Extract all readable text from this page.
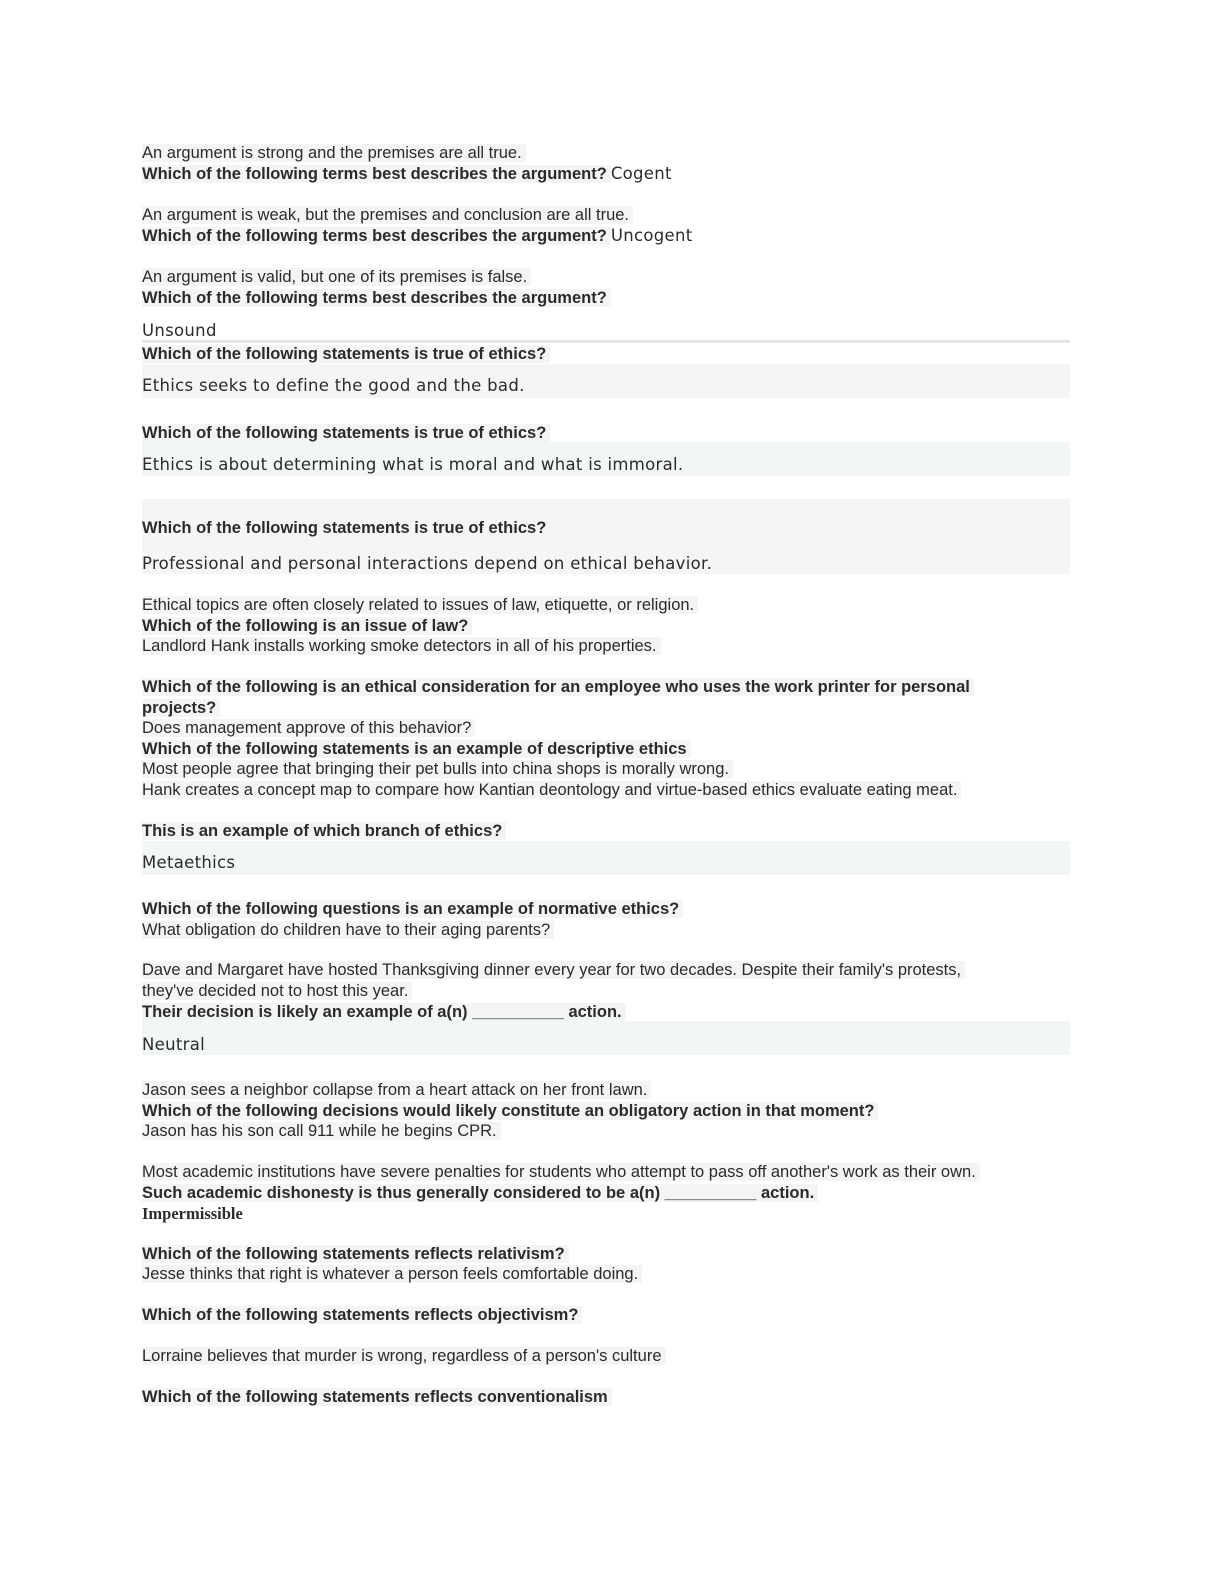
An argument is strong and the premises are all true.
Which of the following terms best describes the argument? Cogent
An argument is weak, but the premises and conclusion are all true.
Which of the following terms best describes the argument? Uncogent
An argument is valid, but one of its premises is false.
Which of the following terms best describes the argument?
Unsound
Which of the following statements is true of ethics?
Ethics seeks to define the good and the bad.
Which of the following statements is true of ethics?
Ethics is about determining what is moral and what is immoral.
Which of the following statements is true of ethics?
Professional and personal interactions depend on ethical behavior.
Ethical topics are often closely related to issues of law, etiquette, or religion.
Which of the following is an issue of law?
Landlord Hank installs working smoke detectors in all of his properties.
Which of the following is an ethical consideration for an employee who uses the work printer for personal
projects?
Does management approve of this behavior?
Which of the following statements is an example of descriptive ethics
Most people agree that bringing their pet bulls into china shops is morally wrong.
Hank creates a concept map to compare how Kantian deontology and virtue-based ethics evaluate eating meat.
This is an example of which branch of ethics?
Metaethics
Which of the following questions is an example of normative ethics?
What obligation do children have to their aging parents?
Dave and Margaret have hosted Thanksgiving dinner every year for two decades. Despite their family's protests,
they've decided not to host this year.
Their decision is likely an example of a(n) __________ action.
Neutral
Jason sees a neighbor collapse from a heart attack on her front lawn.
Which of the following decisions would likely constitute an obligatory action in that moment?
Jason has his son call 911 while he begins CPR.
Most academic institutions have severe penalties for students who attempt to pass off another's work as their own.
Such academic dishonesty is thus generally considered to be a(n) __________ action.
Impermissible
Which of the following statements reflects relativism?
Jesse thinks that right is whatever a person feels comfortable doing.
Which of the following statements reflects objectivism?
Lorraine believes that murder is wrong, regardless of a person's culture
Which of the following statements reflects conventionalism
